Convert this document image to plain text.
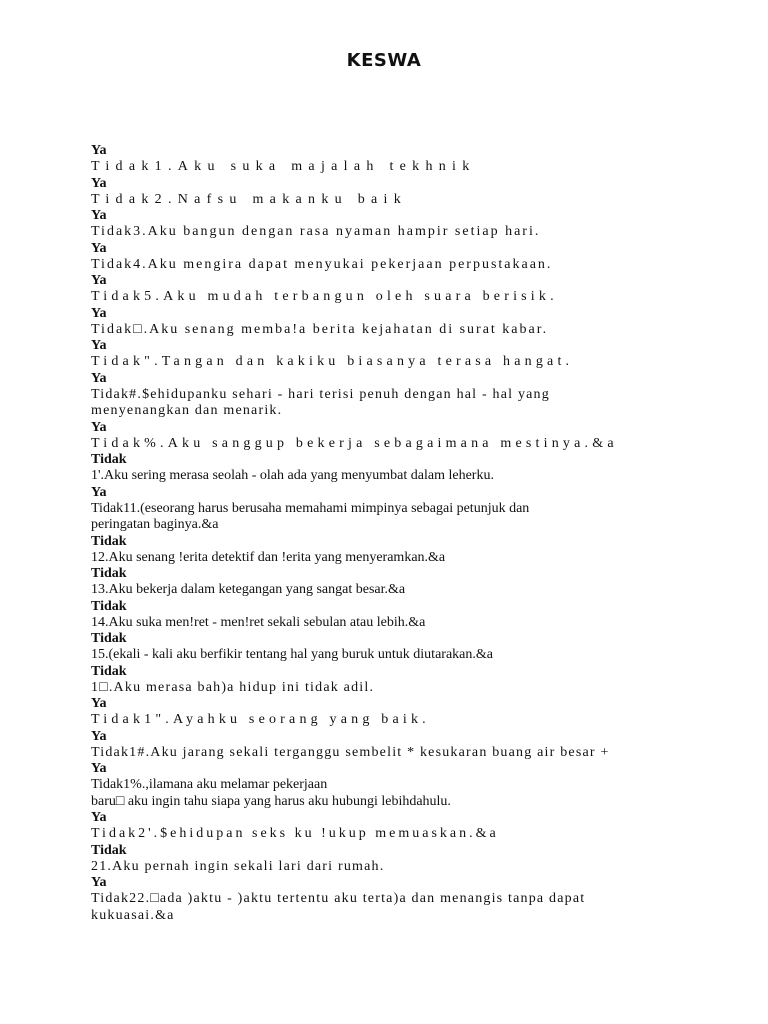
KESWA
Ya
Tidak1.Aku suka majalah tekhnik
Ya
Tidak2.Nafsu makanku baik
Ya
Tidak3.Aku bangun dengan rasa nyaman hampir setiap hari.
Ya
Tidak4.Aku mengira dapat menyukai pekerjaan perpustakaan.
Ya
Tidak5.Aku mudah terbangun oleh suara berisik.
Ya
Tidak□.Aku senang memba!a berita kejahatan di surat kabar.
Ya
Tidak".Tangan dan kakiku biasanya terasa hangat.
Ya
Tidak#.$ehidupanku sehari - hari terisi penuh dengan hal - hal yang
menyenangkan dan menarik.
Ya
Tidak%.Aku sanggup bekerja sebagaimana mestinya.&a
Tidak
1'.Aku sering merasa seolah - olah ada yang menyumbat dalam leherku.
Ya
Tidak11.(eseorang harus berusaha memahami mimpinya sebagai petunjuk dan
peringatan baginya.&a
Tidak
12.Aku senang !erita detektif dan !erita yang menyeramkan.&a
Tidak
13.Aku bekerja dalam ketegangan yang sangat besar.&a
Tidak
14.Aku suka men!ret - men!ret sekali sebulan atau lebih.&a
Tidak
15.(ekali - kali aku berfikir tentang hal yang buruk untuk diutarakan.&a
Tidak
1□.Aku merasa bah)a hidup ini tidak adil.
Ya
Tidak1".Ayahku seorang yang baik.
Ya
Tidak1#.Aku jarang sekali terganggu sembelit * kesukaran buang air besar +
Ya
Tidak1%.,ilamana aku melamar pekerjaan
baru□ aku ingin tahu siapa yang harus aku hubungi lebihdahulu.
Ya
Tidak2'.$ehidupan seks ku !ukup memuaskan.&a
Tidak
21.Aku pernah ingin sekali lari dari rumah.
Ya
Tidak22.□ada )aktu - )aktu tertentu aku terta)a dan menangis tanpa dapat
kukuasai.&a
